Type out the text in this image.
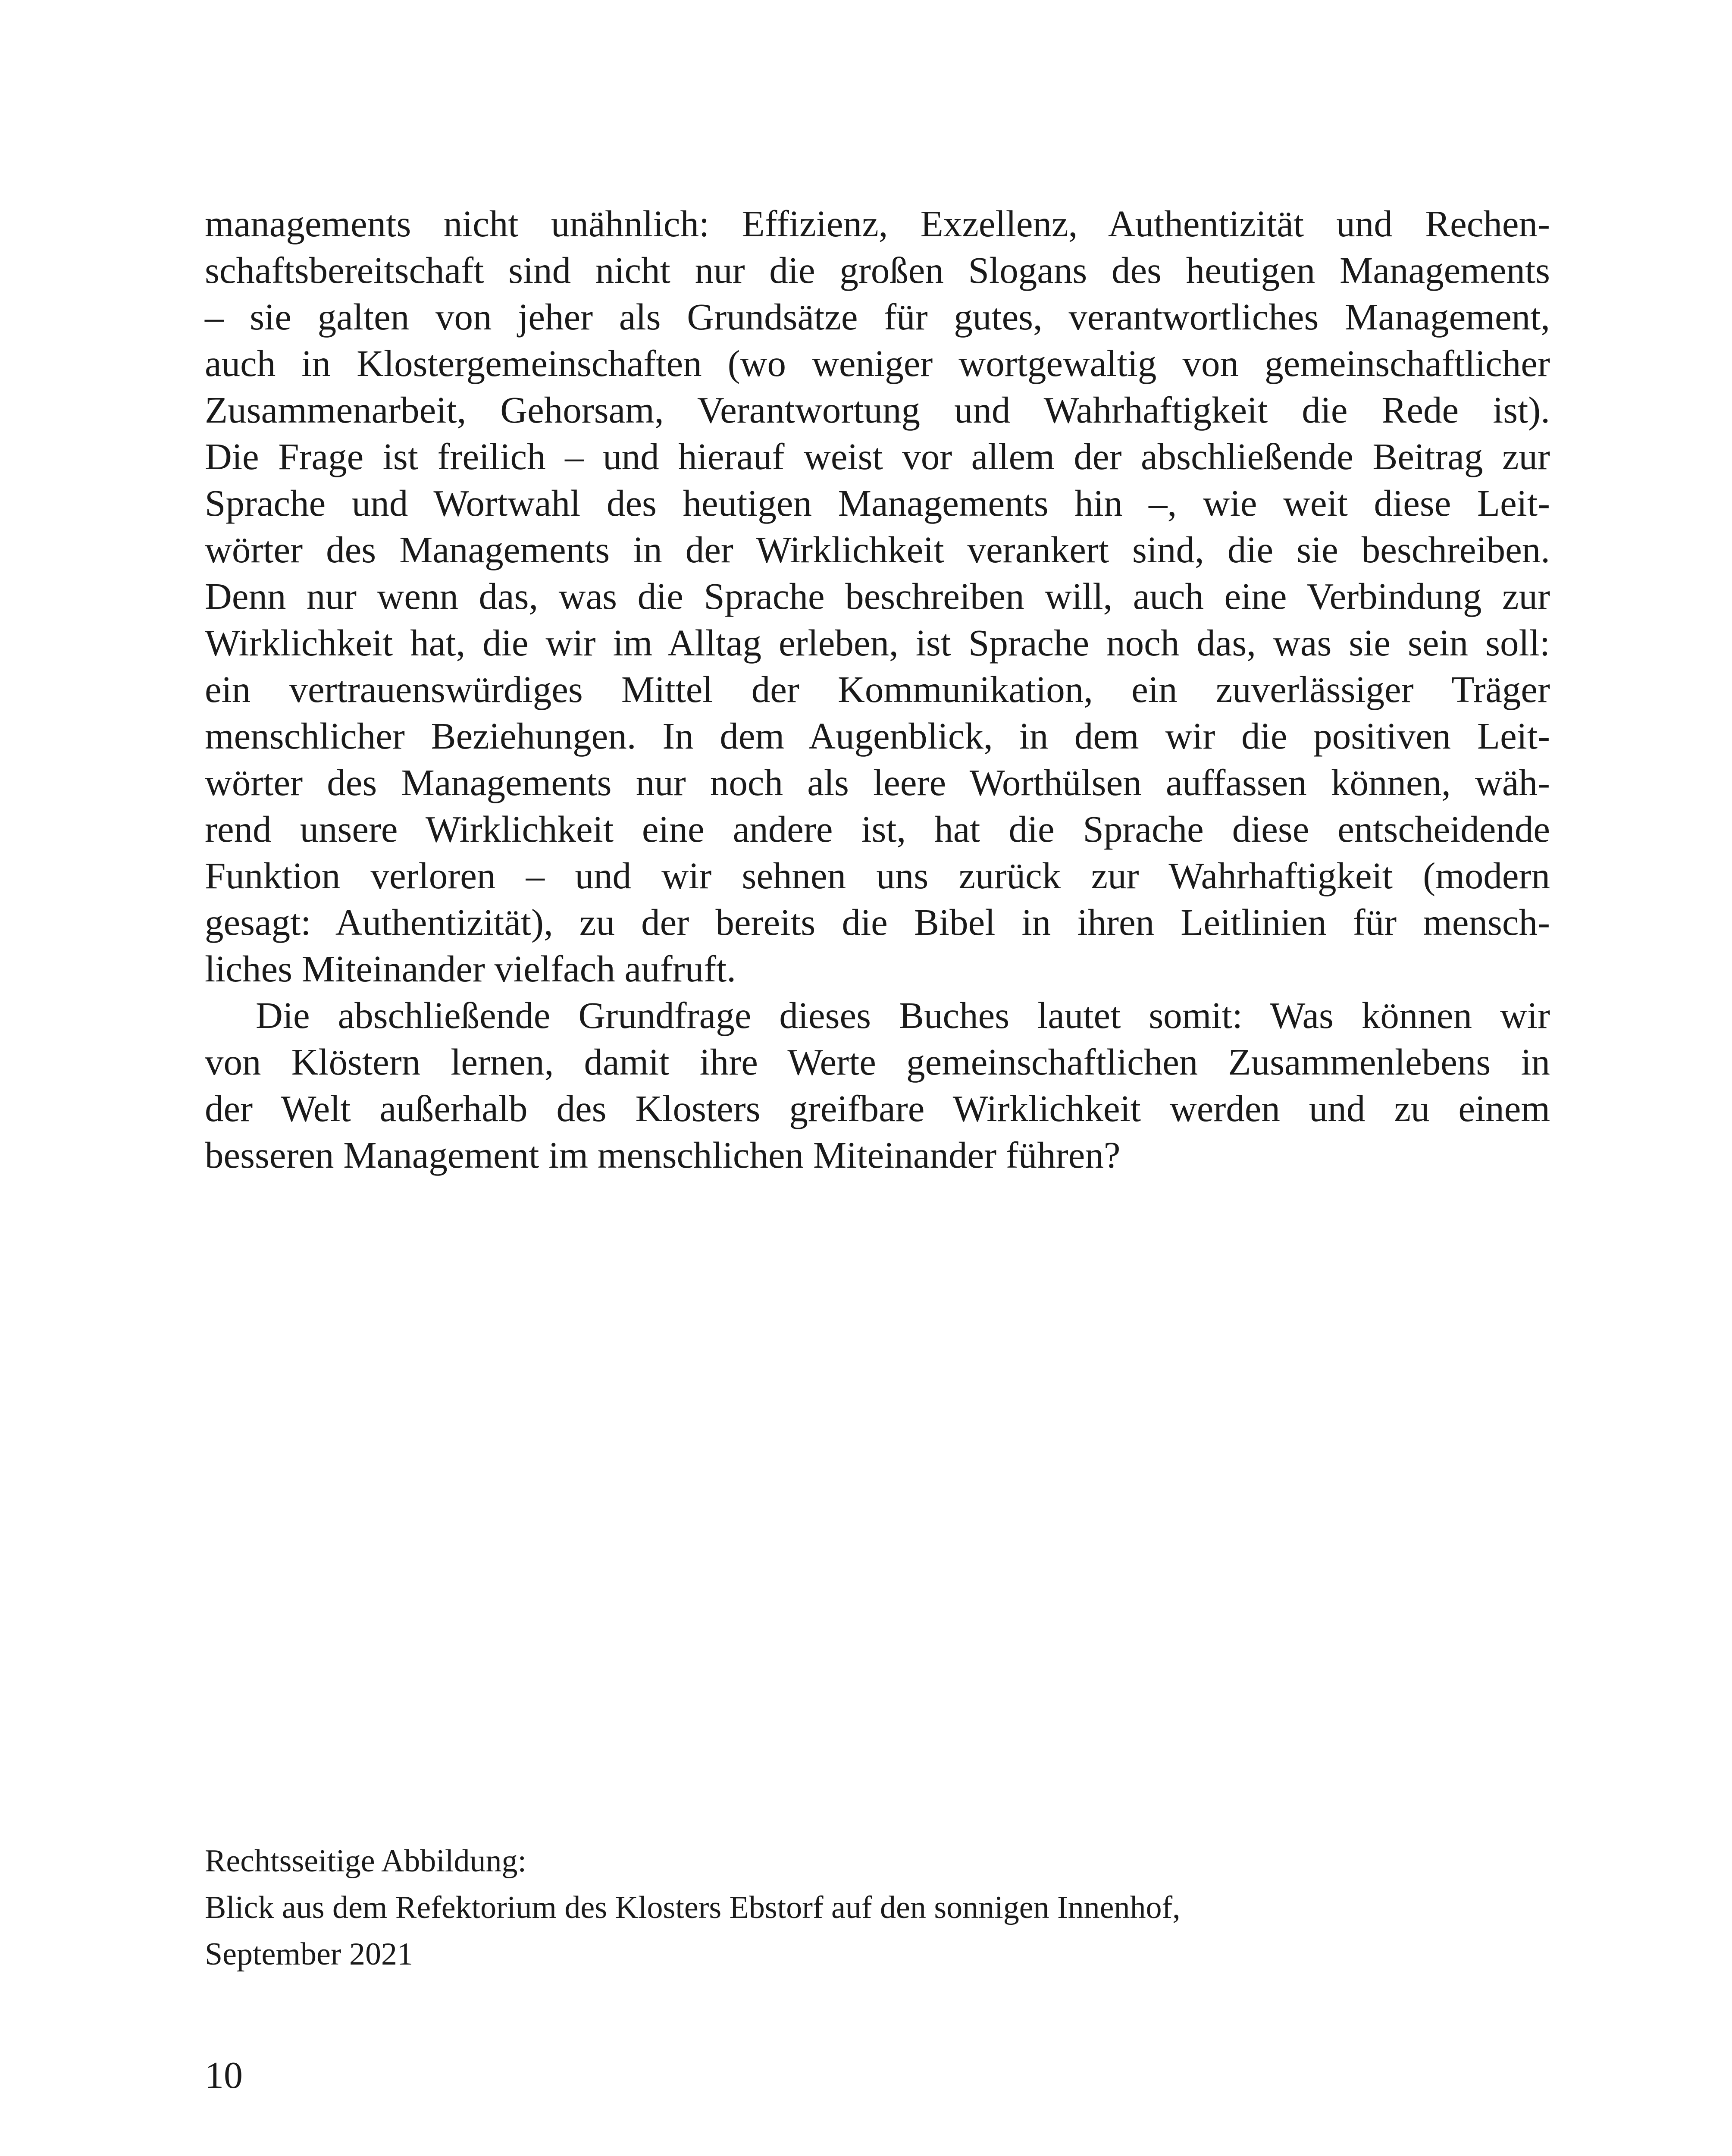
managements nicht unähnlich: Effizienz, Exzellenz, Authentizität und Rechen-
schaftsbereitschaft sind nicht nur die großen Slogans des heutigen Managements
– sie galten von jeher als Grundsätze für gutes, verantwortliches Management,
auch in Klostergemeinschaften (wo weniger wortgewaltig von gemeinschaftlicher
Zusammenarbeit, Gehorsam, Verantwortung und Wahrhaftigkeit die Rede ist).
Die Frage ist freilich – und hierauf weist vor allem der abschließende Beitrag zur
Sprache und Wortwahl des heutigen Managements hin –, wie weit diese Leit-
wörter des Managements in der Wirklichkeit verankert sind, die sie beschreiben.
Denn nur wenn das, was die Sprache beschreiben will, auch eine Verbindung zur
Wirklichkeit hat, die wir im Alltag erleben, ist Sprache noch das, was sie sein soll:
ein vertrauenswürdiges Mittel der Kommunikation, ein zuverlässiger Träger
menschlicher Beziehungen. In dem Augenblick, in dem wir die positiven Leit-
wörter des Managements nur noch als leere Worthülsen auffassen können, wäh-
rend unsere Wirklichkeit eine andere ist, hat die Sprache diese entscheidende
Funktion verloren – und wir sehnen uns zurück zur Wahrhaftigkeit (modern
gesagt: Authentizität), zu der bereits die Bibel in ihren Leitlinien für mensch-
liches Miteinander vielfach aufruft.
Die abschließende Grundfrage dieses Buches lautet somit: Was können wir
von Klöstern lernen, damit ihre Werte gemeinschaftlichen Zusammenlebens in
der Welt außerhalb des Klosters greifbare Wirklichkeit werden und zu einem
besseren Management im menschlichen Miteinander führen?
Rechtsseitige Abbildung:
Blick aus dem Refektorium des Klosters Ebstorf auf den sonnigen Innenhof,
September 2021
10
